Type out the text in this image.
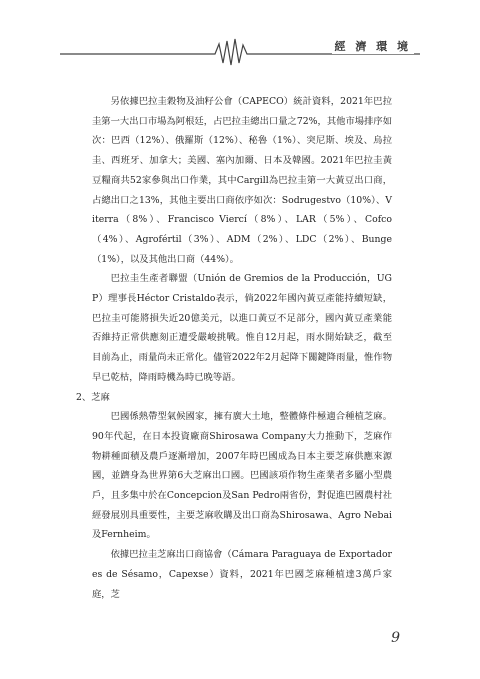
經 濟 環 境

另依據巴拉圭穀物及油籽公會（CAPECO）統計資料，2021年巴拉圭第一大出口市場為阿根廷，占巴拉圭總出口量之72%，其他市場排序如次：巴西（12%）、俄羅斯（12%）、秘魯（1%）、突尼斯、埃及、烏拉圭、西班牙、加拿大；美國、塞內加爾、日本及韓國。2021年巴拉圭黃豆糧商共52家參與出口作業，其中Cargill為巴拉圭第一大黃豆出口商，占總出口之13%，其他主要出口商依序如次：Sodrugestvo（10%）、Viterra（8%）、Francisco Viercí（8%）、LAR（5%）、Cofco（4%）、Agrofértil（3%）、ADM（2%）、LDC（2%）、Bunge（1%），以及其他出口商（44%）。

巴拉圭生產者聯盟（Unión de Gremios de la Producción，UGP）理事長Héctor Cristaldo表示，倘2022年國內黃豆產能持續短缺，巴拉圭可能將損失近20億美元，以進口黃豆不足部分，國內黃豆產業能否維持正常供應刻正遭受嚴峻挑戰。惟自12月起，雨水開始缺乏，截至目前為止，雨量尚未正常化。儘管2022年2月起降下關鍵降雨量，惟作物早已乾枯，降雨時機為時已晚等語。

2、芝麻

巴國係熱帶型氣候國家，擁有廣大土地，整體條件極適合種植芝麻。90年代起，在日本投資廠商Shirosawa Company大力推動下，芝麻作物耕種面積及農戶逐漸增加，2007年時巴國成為日本主要芝麻供應來源國，並躋身為世界第6大芝麻出口國。巴國該項作物生產業者多屬小型農戶，且多集中於在Concepcion及San Pedro兩省份，對促進巴國農村社經發展別具重要性，主要芝麻收購及出口商為Shirosawa、Agro Nebai及Fernheim。

依據巴拉圭芝麻出口商協會（Cámara Paraguaya de Exportadores de Sésamo，Capexse）資料，2021年巴國芝麻種植達3萬戶家庭，芝

9
